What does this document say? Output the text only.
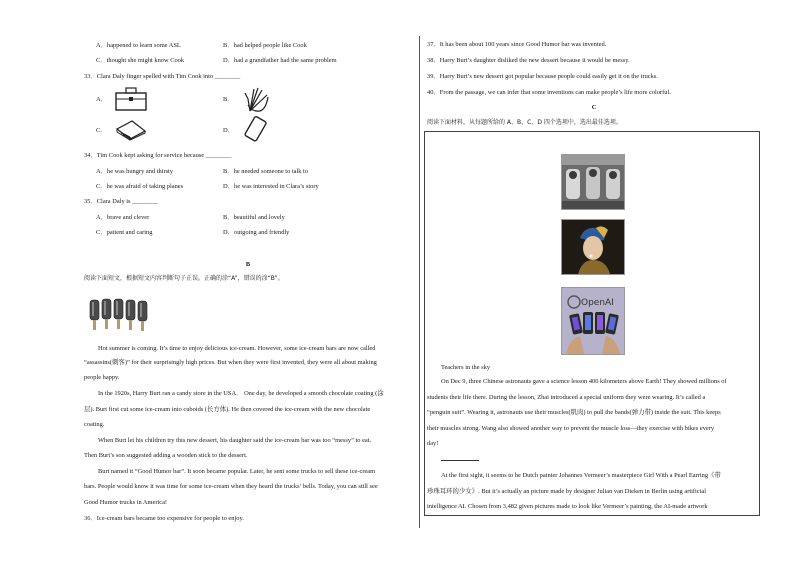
A．happened to learn some ASL	B．had helped people like Cook
C．thought she might know Cook	D．had a grandfather had the same problem
33．Clara Daly finger spelled with Tim Cook into ________
A．	B．
C．	D．
34．Tim Cook kept asking for service because ________
A．he was hungry and thirsty	B．he needed someone to talk to
C．he was afraid of taking planes	D．he was interested in Clara’s story
35．Clara Daly is ________
A．brave and clever	B．beautiful and lovely
C．patient and caring	D．outgoing and friendly
B
阅读下面短文，根据短文内容判断句子正误。正确的涂“A”，错误的涂“B”。
Hot summer is coming. It’s time to enjoy delicious ice-cream. However, some ice-cream bars are now called
“assassins(刺客)” for their surprisingly high prices. But when they were first invented, they were all about making
people happy.
In the 1920s, Harry Burt ran a candy store in the USA． One day, he developed a smooth chocolate coating (涂
层). Burt first cut some ice-cream into cuboids (长方体). He then covered the ice-cream with the new chocolate
coating.
When Burt let his children try this new dessert, his daughter said the ice-cream bar was too “messy” to eat.
Then Burt’s son suggested adding a wooden stick to the dessert.
Burt named it “Good Humor bar”. It soon became popular. Later, he sent some trucks to sell these ice-cream
bars. People would know it was time for some ice-cream when they heard the trucks’ bells. Today, you can still see
Good Humor trucks in America!
36．Ice-cream bars became too expensive for people to enjoy.
37．It has been about 100 years since Good Humor bar was invented.
38．Harry Burt’s daughter disliked the new dessert because it would be messy.
39．Harry Burt’s new dessert got popular because people could easily get it on the trucks.
40．From the passage, we can infer that some inventions can make people’s life more colorful.
C
阅读下面材料，从每题所给的 A、B、C、D 四个选项中，选出最佳选项。
OpenAI
Teachers in the sky
On Dec 9, three Chinese astronauts gave a science lesson 400 kilometers above Earth! They showed millions of
students their life there. During the lesson, Zhai introduced a special uniform they were wearing. It’s called a
“penguin suit”. Wearing it, astronauts use their muscles(肌肉) to pull the bands(弹力带) inside the suit. This keeps
their muscles strong. Wang also showed another way to prevent the muscle loss—they exercise with bikes every
day!
At the first sight, it seems to be Dutch painter Johannes Vermeer’s masterpiece Girl With a Pearl Earring《带
珍珠耳环的少女》. But it’s actually an picture made by designer Julian van Dieken in Berlin using artificial
intelligence AI. Chosen from 3,482 given pictures made to look like Vermeer’s painting, the AI-made artwork
